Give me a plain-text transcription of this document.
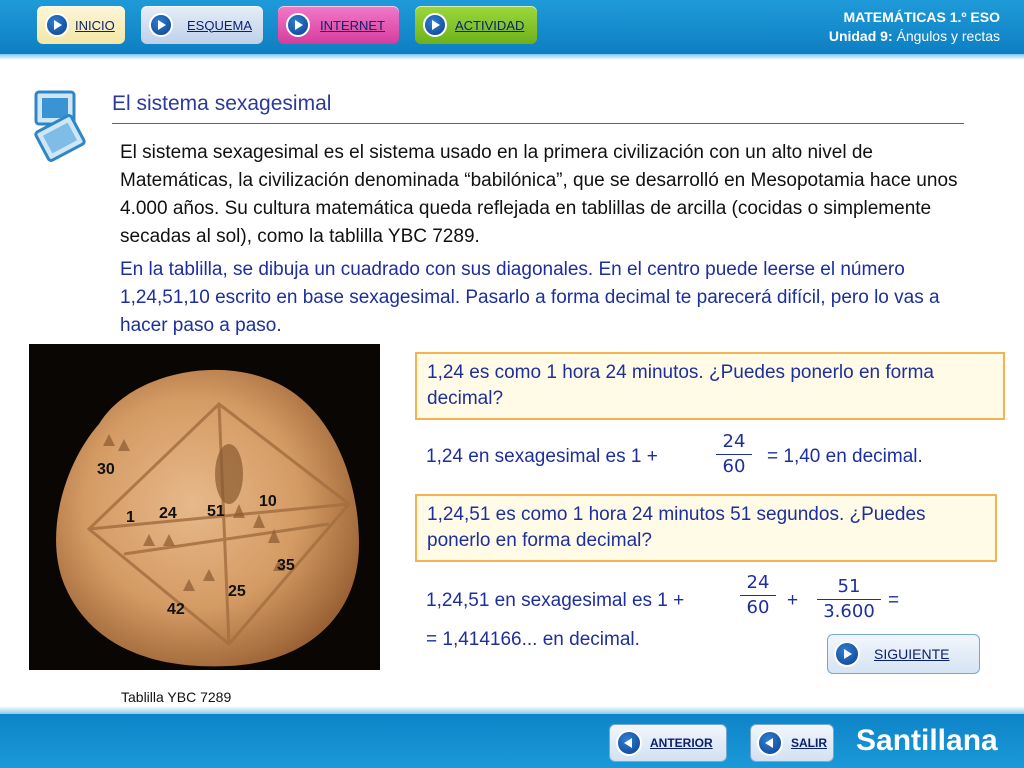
INICIO	ESQUEMA	INTERNET	ACTIVIDAD	MATEMÁTICAS 1.º ESO
Unidad 9: Ángulos y rectas
El sistema sexagesimal
El sistema sexagesimal es el sistema usado en la primera civilización con un alto nivel de Matemáticas, la civilización denominada “babilónica”, que se desarrolló en Mesopotamia hace unos 4.000 años. Su cultura matemática queda reflejada en tablillas de arcilla (cocidas o simplemente secadas al sol), como la tablilla YBC 7289.
En la tablilla, se dibuja un cuadrado con sus diagonales. En el centro puede leerse el número 1,24,51,10 escrito en base sexagesimal. Pasarlo a forma decimal te parecerá difícil, pero lo vas a hacer paso a paso.
30
1 24 51
10
35
25
42
Tablilla YBC 7289
1,24 es como 1 hora 24 minutos. ¿Puedes ponerlo en forma decimal?
1,24 en sexagesimal es 1 +
24
60	= 1,40 en decimal.
1,24,51 es como 1 hora 24 minutos 51 segundos. ¿Puedes ponerlo en forma decimal?
1,24,51 en sexagesimal es 1 +
24
60 +
51
3.600
=
= 1,414166... en decimal.
SIGUIENTE
ANTERIOR	SALIR Santillana
